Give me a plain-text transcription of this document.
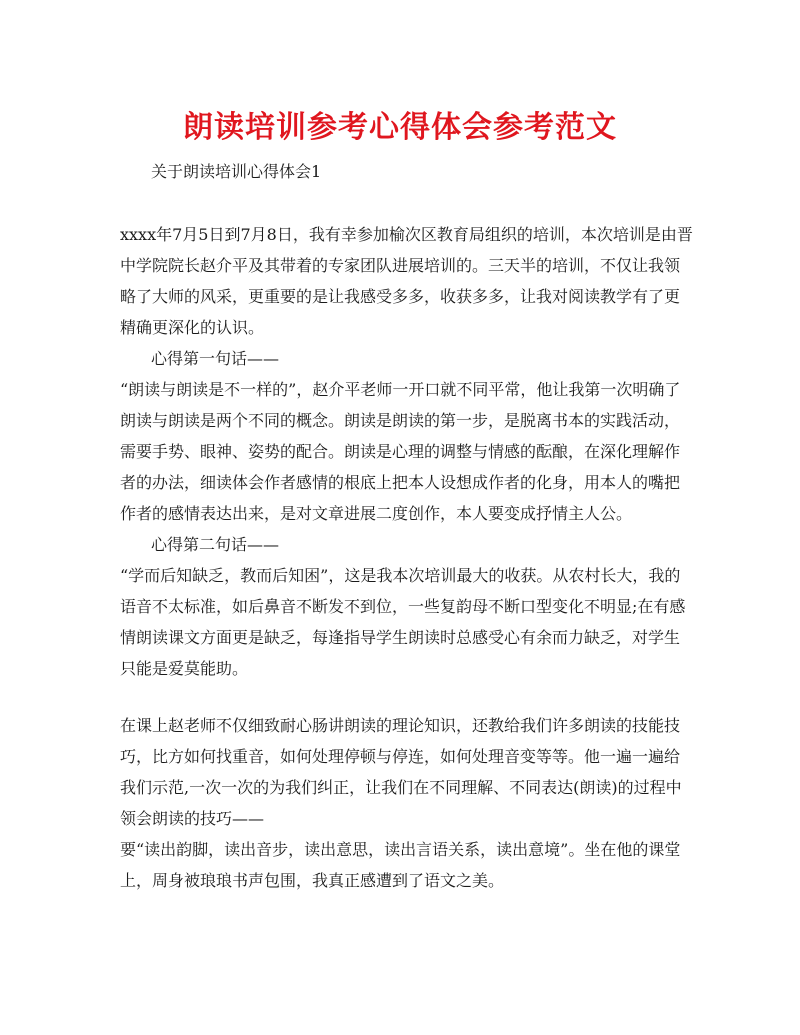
朗读培训参考心得体会参考范文
关于朗读培训心得体会1
xxxx年7月5日到7月8日，我有幸参加榆次区教育局组织的培训，本次培训是由晋
中学院院长赵介平及其带着的专家团队进展培训的。三天半的培训，不仅让我领
略了大师的风采，更重要的是让我感受多多，收获多多，让我对阅读教学有了更
精确更深化的认识。
心得第一句话——
“朗读与朗读是不一样的”，赵介平老师一开口就不同平常，他让我第一次明确了
朗读与朗读是两个不同的概念。朗读是朗读的第一步，是脱离书本的实践活动，
需要手势、眼神、姿势的配合。朗读是心理的调整与情感的酝酿，在深化理解作
者的办法，细读体会作者感情的根底上把本人设想成作者的化身，用本人的嘴把
作者的感情表达出来，是对文章进展二度创作，本人要变成抒情主人公。
心得第二句话——
“学而后知缺乏，教而后知困”，这是我本次培训最大的收获。从农村长大，我的
语音不太标准，如后鼻音不断发不到位，一些复韵母不断口型变化不明显;在有感
情朗读课文方面更是缺乏，每逢指导学生朗读时总感受心有余而力缺乏，对学生
只能是爱莫能助。
在课上赵老师不仅细致耐心肠讲朗读的理论知识，还教给我们许多朗读的技能技
巧，比方如何找重音，如何处理停顿与停连，如何处理音变等等。他一遍一遍给
我们示范,一次一次的为我们纠正，让我们在不同理解、不同表达(朗读)的过程中
领会朗读的技巧——
要“读出韵脚，读出音步，读出意思，读出言语关系，读出意境”。坐在他的课堂
上，周身被琅琅书声包围，我真正感遭到了语文之美。
